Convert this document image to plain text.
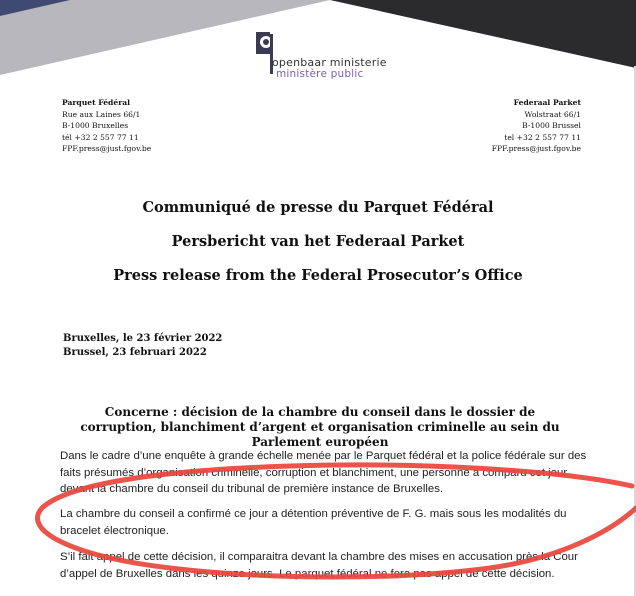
openbaar ministerie
ministère public
Parquet Fédéral
Rue aux Laines 66/1
B-1000 Bruxelles
tél +32 2 557 77 11
FPF.press@just.fgov.be
Federaal Parket
Wolstraat 66/1
B-1000 Brussel
tel +32 2 557 77 11
FPF.press@just.fgov.be
Communiqué de presse du Parquet Fédéral
Persbericht van het Federaal Parket
Press release from the Federal Prosecutor’s Office
Bruxelles, le 23 février 2022
Brussel, 23 februari 2022
Concerne : décision de la chambre du conseil dans le dossier de corruption, blanchiment d’argent et organisation criminelle au sein du Parlement européen
Dans le cadre d’une enquête à grande échelle menée par le Parquet fédéral et la police fédérale sur des faits présumés d’organisation criminelle, corruption et blanchiment, une personne a comparu cet jour devant la chambre du conseil du tribunal de première instance de Bruxelles.
La chambre du conseil a confirmé ce jour a détention préventive de F. G. mais sous les modalités du bracelet électronique.
S’il fait appel de cette décision, il comparaitra devant la chambre des mises en accusation près la Cour d’appel de Bruxelles dans les quinze jours. Le parquet fédéral ne fera pas appel de cette décision.
